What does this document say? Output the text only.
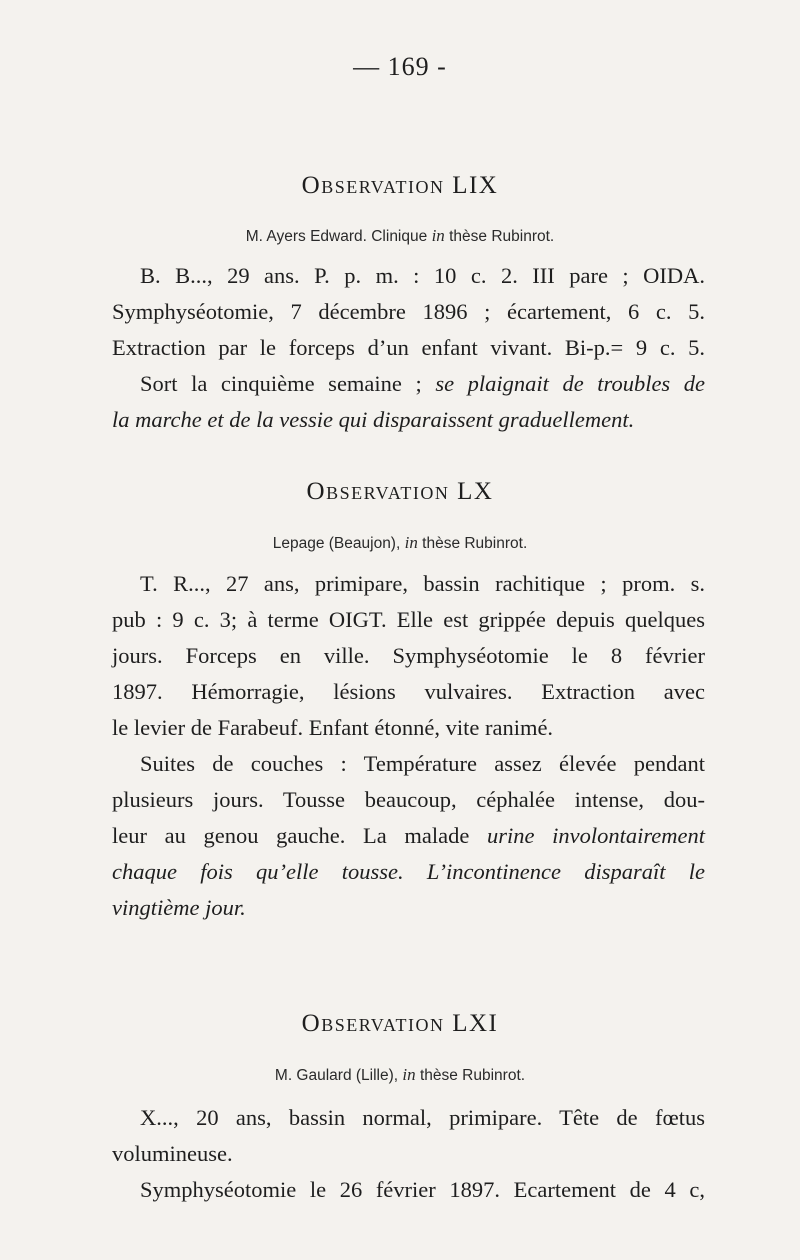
— 169 -
Observation LIX
M. Ayers Edward. Clinique in thèse Rubinrot.
B. B..., 29 ans. P. p. m. : 10 c. 2. III pare ; OIDA.
Symphyséotomie, 7 décembre 1896 ; écartement, 6 c. 5.
Extraction par le forceps d’un enfant vivant. Bi-p.= 9 c. 5.
Sort la cinquième semaine ; se plaignait de troubles de
la marche et de la vessie qui disparaissent graduellement.
Observation LX
Lepage (Beaujon), in thèse Rubinrot.
T. R..., 27 ans, primipare, bassin rachitique ; prom. s.
pub : 9 c. 3; à terme OIGT. Elle est grippée depuis quelques
jours. Forceps en ville. Symphyséotomie le 8 février
1897. Hémorragie, lésions vulvaires. Extraction avec
le levier de Farabeuf. Enfant étonné, vite ranimé.
Suites de couches : Température assez élevée pendant
plusieurs jours. Tousse beaucoup, céphalée intense, dou-
leur au genou gauche. La malade urine involontairement
chaque fois qu’elle tousse. L’incontinence disparaît le
vingtième jour.
Observation LXI
M. Gaulard (Lille), in thèse Rubinrot.
X..., 20 ans, bassin normal, primipare. Tête de fœtus
volumineuse.
Symphyséotomie le 26 février 1897. Ecartement de 4 c,
